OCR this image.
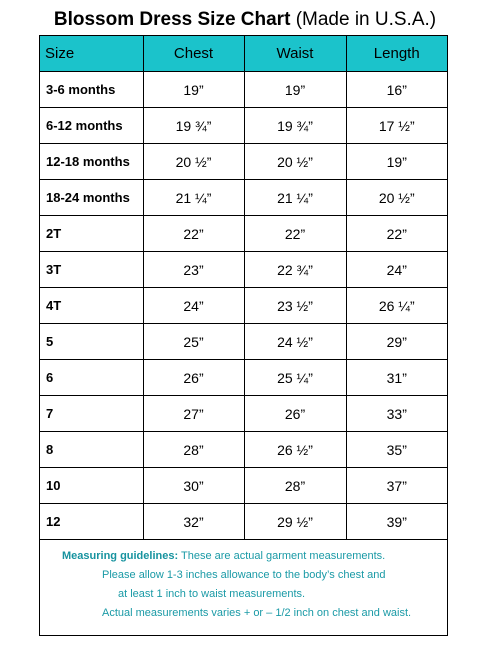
Blossom Dress Size Chart (Made in U.S.A.)
Size	Chest	Waist	Length
3-6 months	19”	19”	16”
6-12 months	19 ¾”	19 ¾”	17 ½”
12-18 months	20 ½”	20 ½”	19”
18-24 months	21 ¼”	21 ¼”	20 ½”
2T	22”	22”	22”
3T	23”	22 ¾”	24”
4T	24”	23 ½”	26 ¼”
5	25”	24 ½”	29”
6	26”	25 ¼”	31”
7	27”	26”	33”
8	28”	26 ½”	35”
10	30”	28”	37”
12	32”	29 ½”	39”
Measuring guidelines: These are actual garment measurements.
Please allow 1-3 inches allowance to the body’s chest and
at least 1 inch to waist measurements.
Actual measurements varies + or – 1/2 inch on chest and waist.
